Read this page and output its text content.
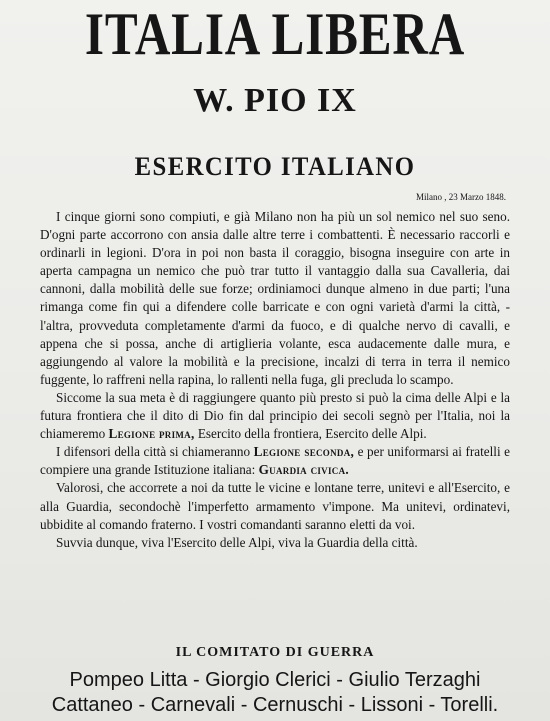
ITALIA LIBERA
W. PIO IX
ESERCITO ITALIANO
Milano , 23 Marzo 1848.

I cinque giorni sono compiuti, e già Milano non ha più un sol nemico nel suo seno. D'ogni parte accorrono con ansia dalle altre terre i combattenti. È necessario raccorli e ordinarli in legioni. D'ora in poi non basta il coraggio, bisogna inseguire con arte in aperta campagna un nemico che può trar tutto il vantaggio dalla sua Cavalleria, dai cannoni, dalla mobilità delle sue forze; ordiniamoci dunque almeno in due parti; l'una rimanga come fin qui a difendere colle barricate e con ogni varietà d'armi la città, - l'altra, provveduta completamente d'armi da fuoco, e di qualche nervo di cavalli, e appena che si possa, anche di artiglieria volante, esca audacemente dalle mura, e aggiungendo al valore la mobilità e la precisione, incalzi di terra in terra il nemico fuggente, lo raffreni nella rapina, lo rallenti nella fuga, gli precluda lo scampo.

Siccome la sua meta è di raggiungere quanto più presto si può la cima delle Alpi e la futura frontiera che il dito di Dio fin dal principio dei secoli segnò per l'Italia, noi la chiameremo Legione prima, Esercito della frontiera, Esercito delle Alpi.

I difensori della città si chiameranno Legione seconda, e per uniformarsi ai fratelli e compiere una grande Istituzione italiana: Guardia civica.

Valorosi, che accorrete a noi da tutte le vicine e lontane terre, unitevi e all'Esercito, e alla Guardia, secondochè l'imperfetto armamento v'impone. Ma unitevi, ordinatevi, ubbidite al comando fraterno. I vostri comandanti saranno eletti da voi.

Suvvia dunque, viva l'Esercito delle Alpi, viva la Guardia della città.

IL COMITATO DI GUERRA
Pompeo Litta - Giorgio Clerici - Giulio Terzaghi
Cattaneo - Carnevali - Cernuschi - Lissoni - Torelli.
